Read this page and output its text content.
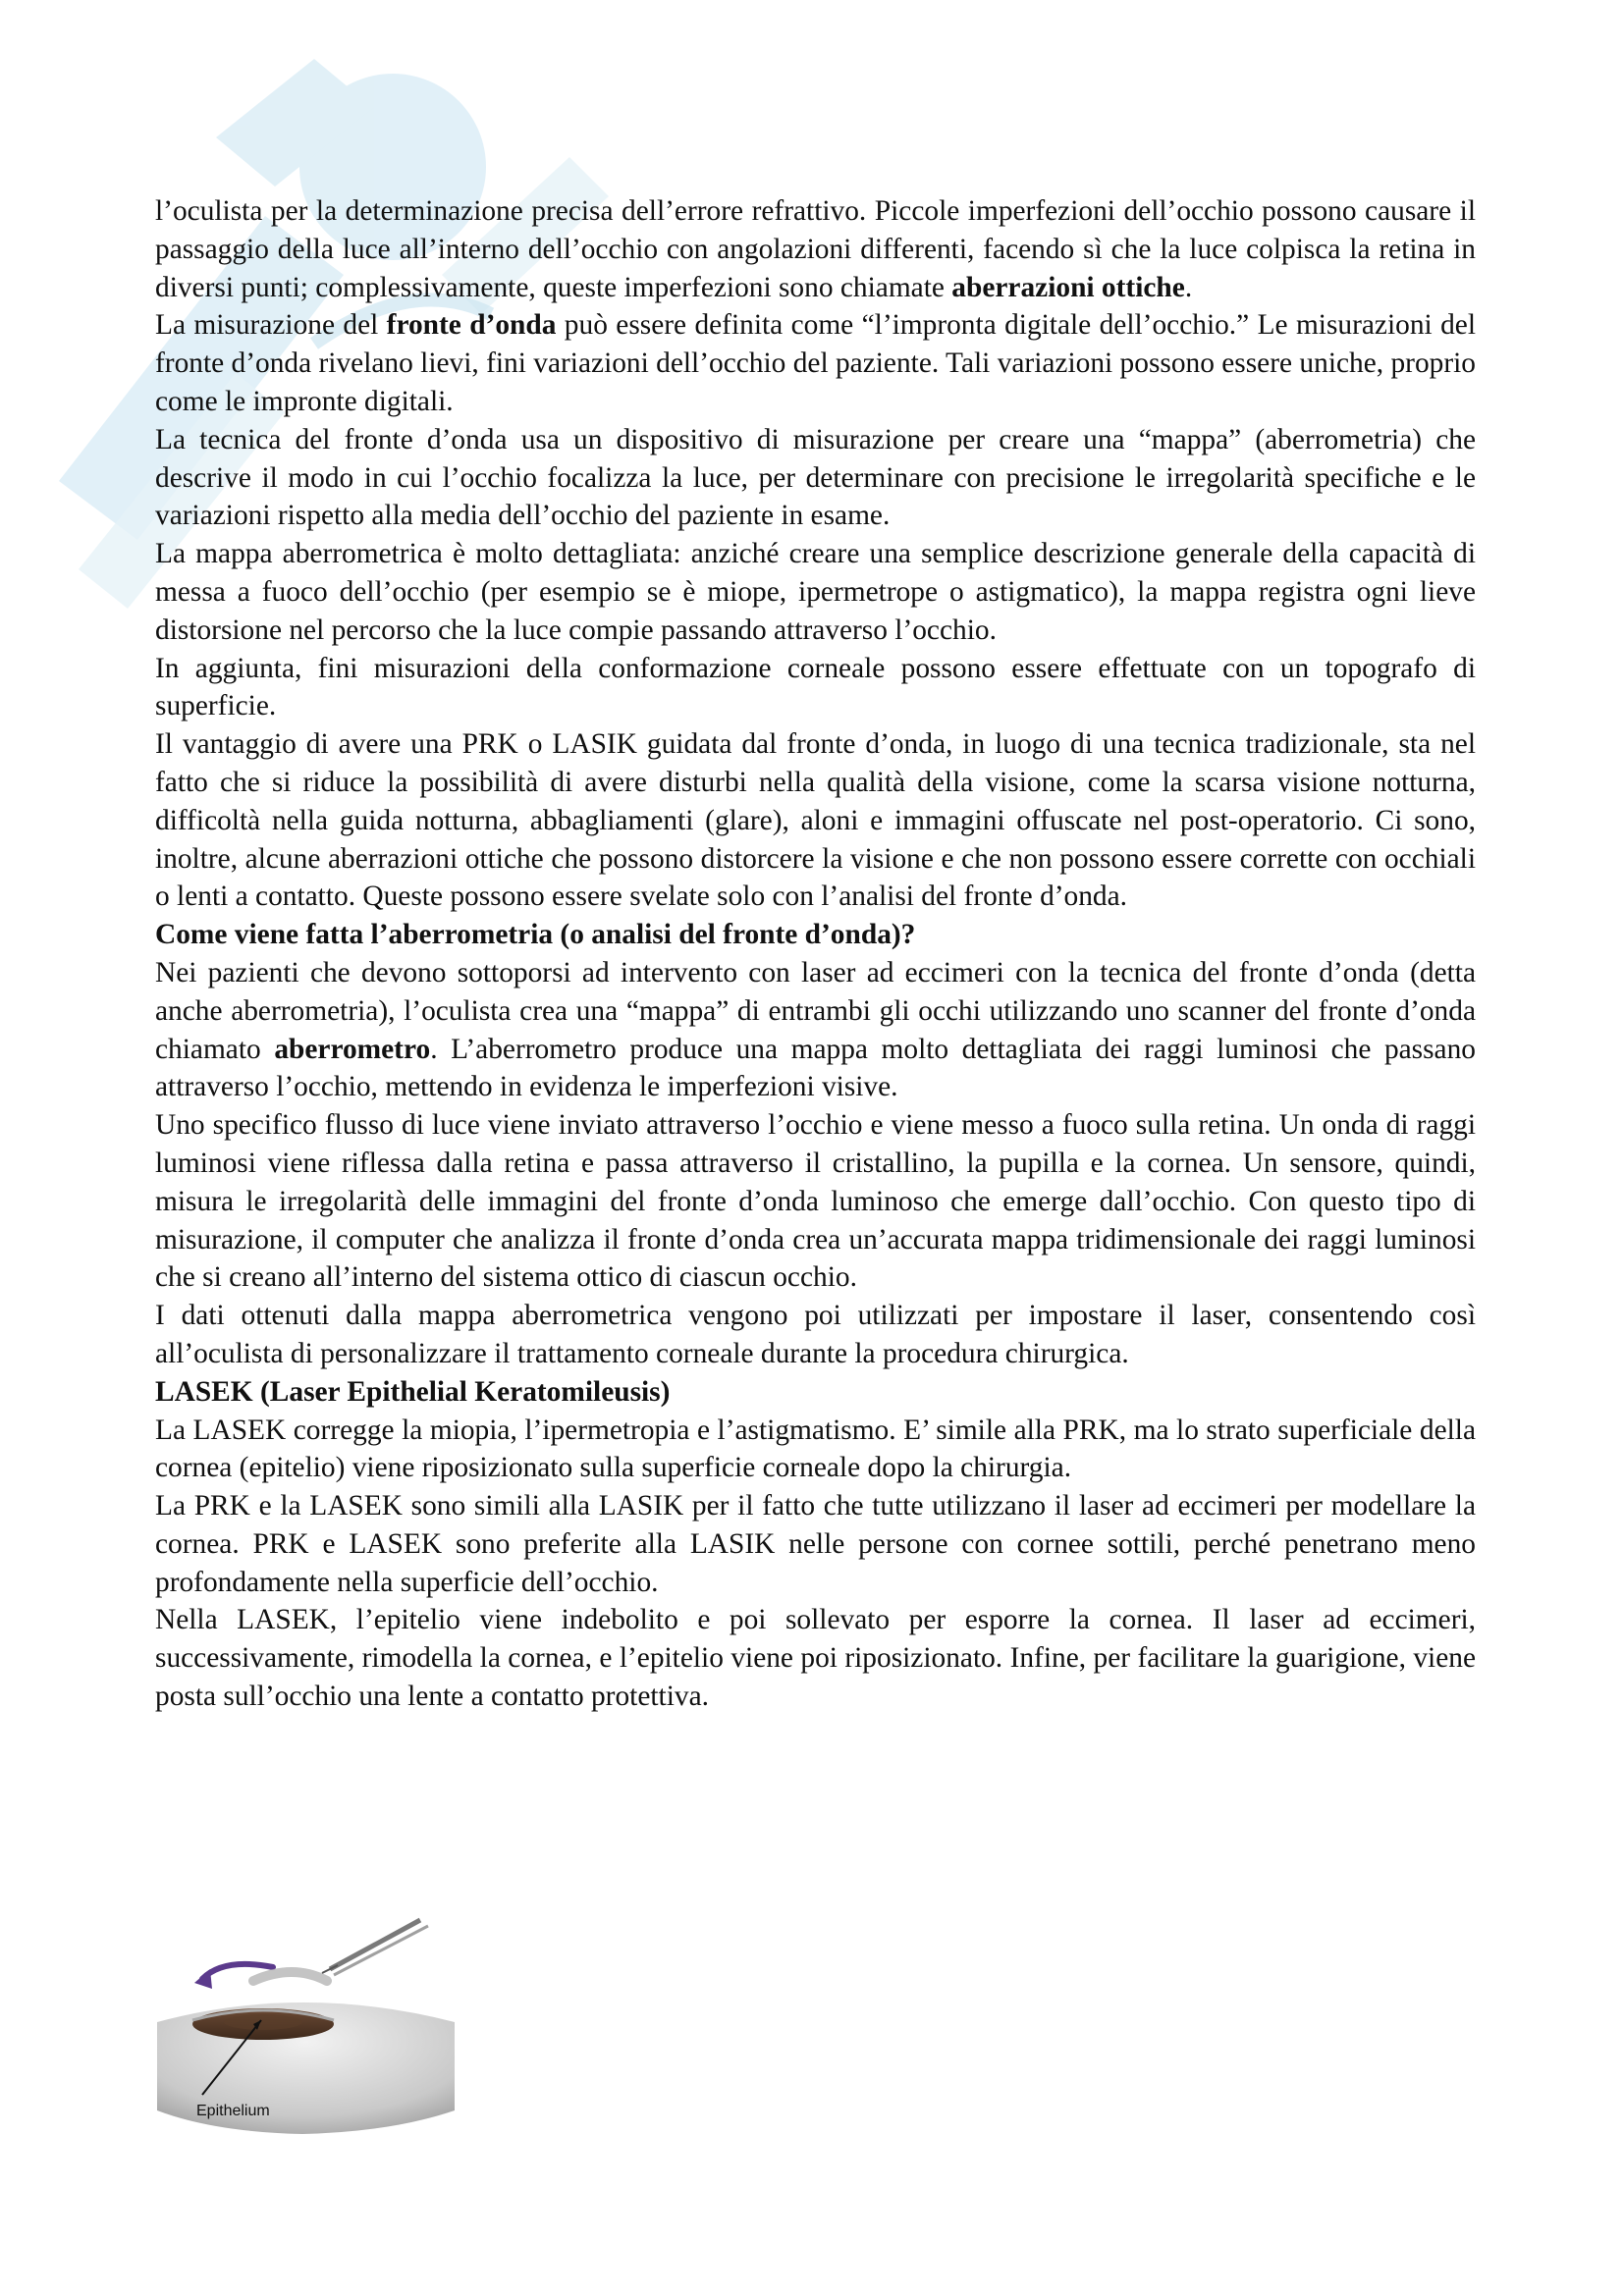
l’oculista per la determinazione precisa dell’errore refrattivo. Piccole imperfezioni dell’occhio possono causare il passaggio della luce all’interno dell’occhio con angolazioni differenti, facendo sì che la luce colpisca la retina in diversi punti; complessivamente, queste imperfezioni sono chiamate aberrazioni ottiche.

La misurazione del fronte d’onda può essere definita come “l’impronta digitale dell’occhio.” Le misurazioni del fronte d’onda rivelano lievi, fini variazioni dell’occhio del paziente. Tali variazioni possono essere uniche, proprio come le impronte digitali.

La tecnica del fronte d’onda usa un dispositivo di misurazione per creare una “mappa” (aberrometria) che descrive il modo in cui l’occhio focalizza la luce, per determinare con precisione le irregolarità specifiche e le variazioni rispetto alla media dell’occhio del paziente in esame.

La mappa aberrometrica è molto dettagliata: anziché creare una semplice descrizione generale della capacità di messa a fuoco dell’occhio (per esempio se è miope, ipermetrope o astigmatico), la mappa registra ogni lieve distorsione nel percorso che la luce compie passando attraverso l’occhio.

In aggiunta, fini misurazioni della conformazione corneale possono essere effettuate con un topografo di superficie.

Il vantaggio di avere una PRK o LASIK guidata dal fronte d’onda, in luogo di una tecnica tradizionale, sta nel fatto che si riduce la possibilità di avere disturbi nella qualità della visione, come la scarsa visione notturna, difficoltà nella guida notturna, abbagliamenti (glare), aloni e immagini offuscate nel post-operatorio. Ci sono, inoltre, alcune aberrazioni ottiche che possono distorcere la visione e che non possono essere corrette con occhiali o lenti a contatto. Queste possono essere svelate solo con l’analisi del fronte d’onda.

Come viene fatta l’aberrometria (o analisi del fronte d’onda)?

Nei pazienti che devono sottoporsi ad intervento con laser ad eccimeri con la tecnica del fronte d’onda (detta anche aberrometria), l’oculista crea una “mappa” di entrambi gli occhi utilizzando uno scanner del fronte d’onda chiamato aberrometro. L’aberrometro produce una mappa molto dettagliata dei raggi luminosi che passano attraverso l’occhio, mettendo in evidenza le imperfezioni visive.

Uno specifico flusso di luce viene inviato attraverso l’occhio e viene messo a fuoco sulla retina. Un onda di raggi luminosi viene riflessa dalla retina e passa attraverso il cristallino, la pupilla e la cornea. Un sensore, quindi, misura le irregolarità delle immagini del fronte d’onda luminoso che emerge dall’occhio. Con questo tipo di misurazione, il computer che analizza il fronte d’onda crea un’accurata mappa tridimensionale dei raggi luminosi che si creano all’interno del sistema ottico di ciascun occhio.

I dati ottenuti dalla mappa aberrometrica vengono poi utilizzati per impostare il laser, consentendo così all’oculista di personalizzare il trattamento corneale durante la procedura chirurgica.

LASEK (Laser Epithelial Keratomileusis)

La LASEK corregge la miopia, l’ipermetropia e l’astigmatismo. E’ simile alla PRK, ma lo strato superficiale della cornea (epitelio) viene riposizionato sulla superficie corneale dopo la chirurgia.

La PRK e la LASEK sono simili alla LASIK per il fatto che tutte utilizzano il laser ad eccimeri per modellare la cornea. PRK e LASEK sono preferite alla LASIK nelle persone con cornee sottili, perché penetrano meno profondamente nella superficie dell’occhio.

Nella LASEK, l’epitelio viene indebolito e poi sollevato per esporre la cornea. Il laser ad eccimeri, successivamente, rimodella la cornea, e l’epitelio viene poi riposizionato. Infine, per facilitare la guarigione, viene posta sull’occhio una lente a contatto protettiva.

Epithelium
